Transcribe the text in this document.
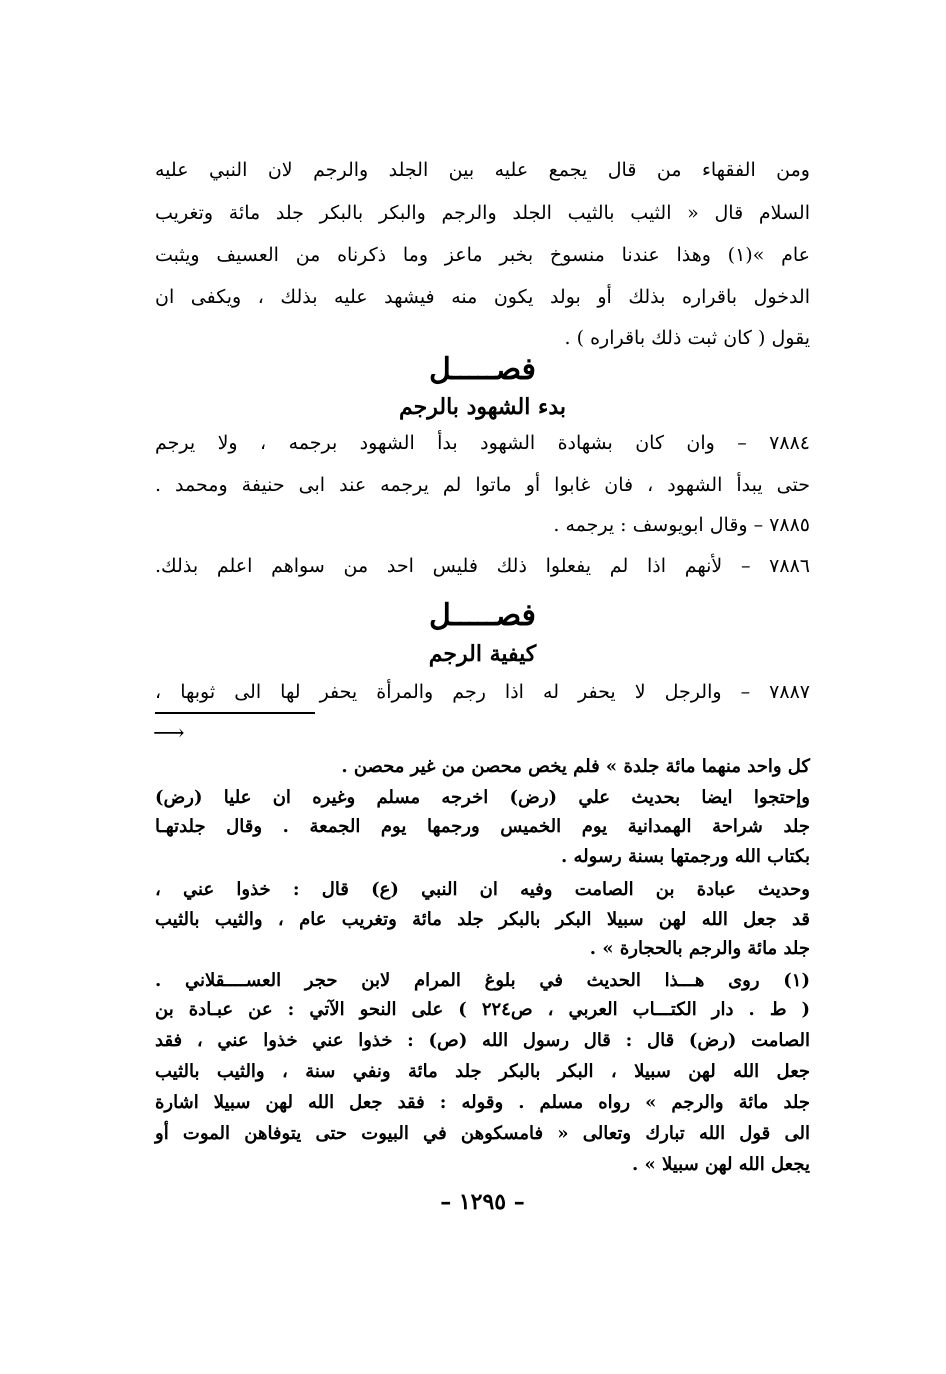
ومن الفقهاء من قال يجمع عليه بين الجلد والرجم لان النبي عليه
السلام قال « الثيب بالثيب الجلد والرجم والبكر بالبكر جلد مائة وتغريب
عام »(١) وهذا عندنا منسوخ بخبر ماعز وما ذكرناه من العسيف ويثبت
الدخول باقراره بذلك أو بولد يكون منه فيشهد عليه بذلك ، ويكفى ان
يقول ( كان ثبت ذلك باقراره ) .
فصـــــل
بدء الشهود بالرجم
٧٨٨٤ – وان كان بشهادة الشهود بدأ الشهود برجمه ، ولا يرجم
حتى يبدأ الشهود ، فان غابوا أو ماتوا لم يرجمه عند ابى حنيفة ومحمد .
٧٨٨٥ – وقال ابويوسف : يرجمه .
٧٨٨٦ – لأنهم اذا لم يفعلوا ذلك فليس احد من سواهم اعلم بذلك.
فصـــــل
كيفية الرجم
٧٨٨٧ – والرجل لا يحفر له اذا رجم والمرأة يحفر لها الى ثوبها ،
⟶
كل واحد منهما مائة جلدة » فلم يخص محصن من غير محصن .
وإحتجوا ايضا بحديث علي (رض) اخرجه مسلم وغيره ان عليا (رض)
جلد شراحة الهمدانية يوم الخميس ورجمها يوم الجمعة . وقال جلدتهـا
بكتاب الله ورجمتها بسنة رسوله .
وحديث عبادة بن الصامت وفيه ان النبي (ع) قال : خذوا عني ،
قد جعل الله لهن سبيلا البكر بالبكر جلد مائة وتغريب عام ، والثيب بالثيب
جلد مائة والرجم بالحجارة » .
(١) روى هـــذا الحديث في بلوغ المرام لابن حجر العســــقلاني .
( ط . دار الكتـــاب العربي ، ص٢٢٤ ) على النحو الآتي : عن عبـادة بن
الصامت (رض) قال : قال رسول الله (ص) : خذوا عني خذوا عني ، فقد
جعل الله لهن سبيلا ، البكر بالبكر جلد مائة ونفي سنة ، والثيب بالثيب
جلد مائة والرجم » رواه مسلم . وقوله : فقد جعل الله لهن سبيلا اشارة
الى قول الله تبارك وتعالى « فامسكوهن في البيوت حتى يتوفاهن الموت أو
يجعل الله لهن سبيلا » .
– ١٢٩٥ –
